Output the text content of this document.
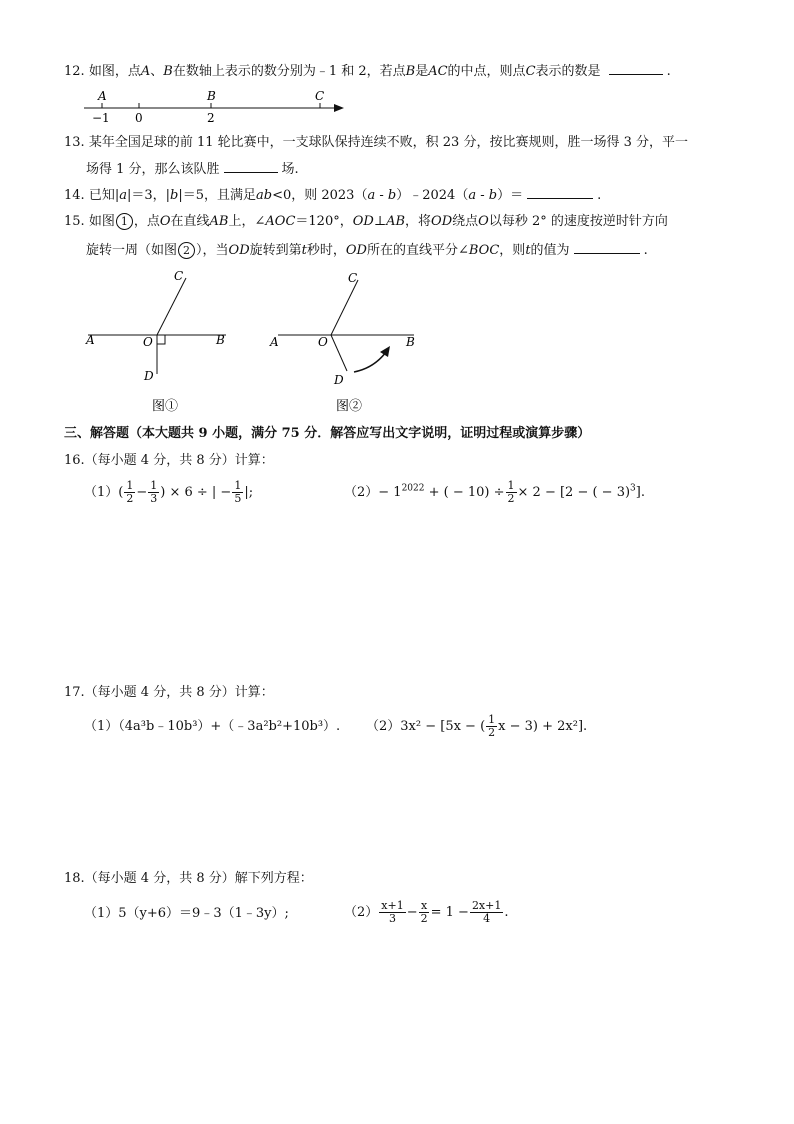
12. 如图，点A、B在数轴上表示的数分别为﹣1 和 2，若点B是AC的中点，则点C表示的数是	.
A	B	C
−1 0	2
13. 某年全国足球的前 11 轮比赛中，一支球队保持连续不败，积 23 分，按比赛规则，胜一场得 3 分，平一
场得 1 分，那么该队胜	场.
14. 已知|a|＝3，|b|＝5，且满足ab<0，则 2023（a - b）﹣2024（a - b）＝	.
15. 如图 1 ，点O在直线AB上，∠AOC＝120°，OD⊥AB，将OD绕点O以每秒 2° 的速度按逆时针方向
旋转一周（如图 2 ），当OD旋转到第t秒时，OD所在的直线平分∠BOC，则t的值为	.
C
A	O	B
D
图①
C
A	O	B
D
图②
三、解答题（本大题共 9 小题，满分 75 分．解答应写出文字说明，证明过程或演算步骤）
16.（每小题 4 分，共 8 分）计算：
$(1)( \frac{1}{2} - \frac{1}{3}$ ) × 6 ÷ | − $\frac{1}{5}$ |;	$(2)- 1^{2022}$ + ( − $10) \div \frac{1}{2} \times 2 - [2$ − ( − 3)$^3$].
17.（每小题 4 分，共 8 分）计算：
（1）（4a³b﹣10b³）+（﹣3a²b²+10b³）. （2）3x² − [5x − ( $\frac{1}{2}$ x − 3) + 2x²].
18.（每小题 4 分，共 8 分）解下列方程：
（1）5（y+6）＝9﹣3（1﹣3y）;	$(2) \frac{x+1}{3} - \frac{x}{2} = 1 - \frac{2x+1}{4}$ .
